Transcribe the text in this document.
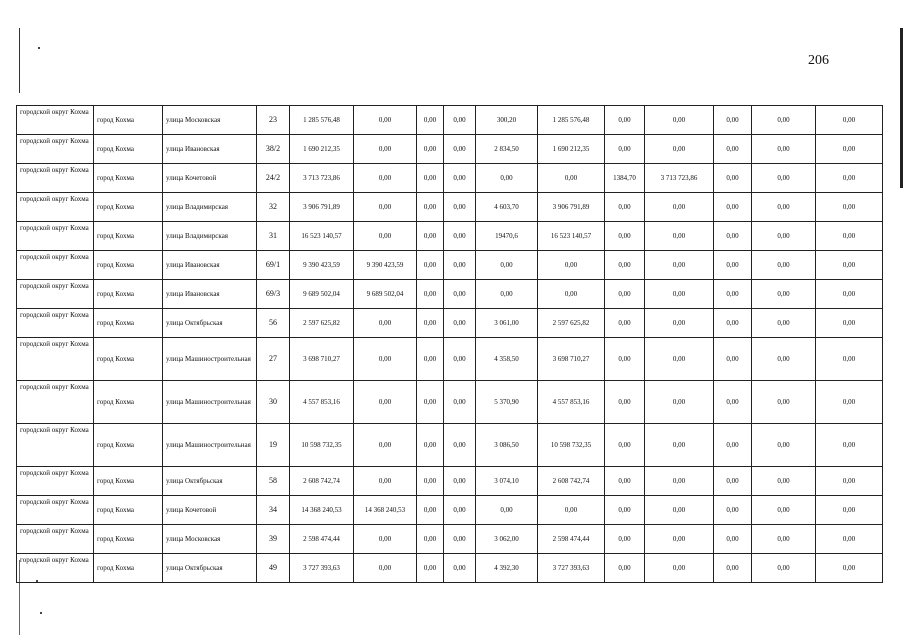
206
городской округ Кохма	город Кохма	улица Московская	23	1 285 576,48	0,00	0,00	0,00	300,20	1 285 576,48	0,00	0,00	0,00	0,00	0,00
городской округ Кохма	город Кохма	улица Ивановская	38/2	1 690 212,35	0,00	0,00	0,00	2 834,50	1 690 212,35	0,00	0,00	0,00	0,00	0,00
городской округ Кохма	город Кохма	улица Кочетовой	24/2	3 713 723,86	0,00	0,00	0,00	0,00	0,00	1384,70	3 713 723,86	0,00	0,00	0,00
городской округ Кохма	город Кохма	улица Владимирская	32	3 906 791,89	0,00	0,00	0,00	4 603,70	3 906 791,89	0,00	0,00	0,00	0,00	0,00
городской округ Кохма	город Кохма	улица Владимирская	31	16 523 140,57	0,00	0,00	0,00	19470,6	16 523 140,57	0,00	0,00	0,00	0,00	0,00
городской округ Кохма	город Кохма	улица Ивановская	69/1	9 390 423,59	9 390 423,59	0,00	0,00	0,00	0,00	0,00	0,00	0,00	0,00	0,00
городской округ Кохма	город Кохма	улица Ивановская	69/3	9 689 502,04	9 689 502,04	0,00	0,00	0,00	0,00	0,00	0,00	0,00	0,00	0,00
городской округ Кохма	город Кохма	улица Октябрьская	56	2 597 625,82	0,00	0,00	0,00	3 061,00	2 597 625,82	0,00	0,00	0,00	0,00	0,00
городской округ Кохма	город Кохма	улица Машиностроительная	27	3 698 710,27	0,00	0,00	0,00	4 358,50	3 698 710,27	0,00	0,00	0,00	0,00	0,00
городской округ Кохма	город Кохма	улица Машиностроительная	30	4 557 853,16	0,00	0,00	0,00	5 370,90	4 557 853,16	0,00	0,00	0,00	0,00	0,00
городской округ Кохма	город Кохма	улица Машиностроительная	19	10 598 732,35	0,00	0,00	0,00	3 086,50	10 598 732,35	0,00	0,00	0,00	0,00	0,00
городской округ Кохма	город Кохма	улица Октябрьская	58	2 608 742,74	0,00	0,00	0,00	3 074,10	2 608 742,74	0,00	0,00	0,00	0,00	0,00
городской округ Кохма	город Кохма	улица Кочетовой	34	14 368 240,53	14 368 240,53	0,00	0,00	0,00	0,00	0,00	0,00	0,00	0,00	0,00
городской округ Кохма	город Кохма	улица Московская	39	2 598 474,44	0,00	0,00	0,00	3 062,00	2 598 474,44	0,00	0,00	0,00	0,00	0,00
городской округ Кохма	город Кохма	улица Октябрьская	49	3 727 393,63	0,00	0,00	0,00	4 392,30	3 727 393,63	0,00	0,00	0,00	0,00	0,00
